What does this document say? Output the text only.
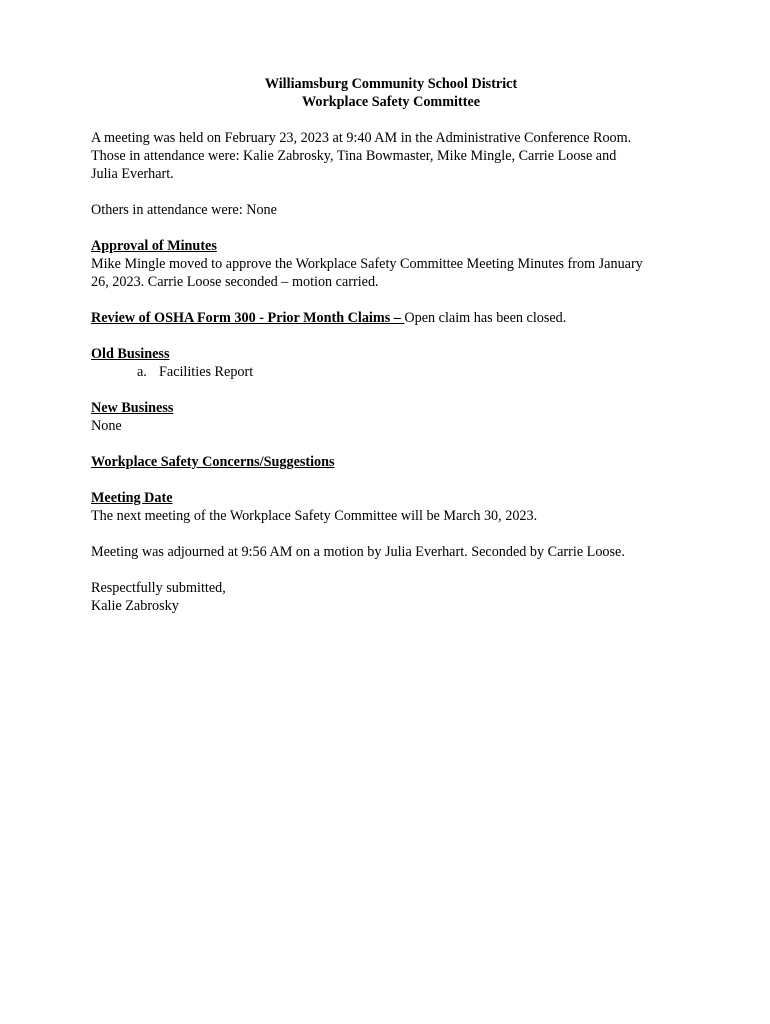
Williamsburg Community School District
Workplace Safety Committee

A meeting was held on February 23, 2023 at 9:40 AM in the Administrative Conference Room.
Those in attendance were: Kalie Zabrosky, Tina Bowmaster, Mike Mingle, Carrie Loose and
Julia Everhart.

Others in attendance were: None

Approval of Minutes
Mike Mingle moved to approve the Workplace Safety Committee Meeting Minutes from January
26, 2023. Carrie Loose seconded – motion carried.

Review of OSHA Form 300 - Prior Month Claims – Open claim has been closed.

Old Business

a. Facilities Report

New Business
None

Workplace Safety Concerns/Suggestions

Meeting Date
The next meeting of the Workplace Safety Committee will be March 30, 2023.

Meeting was adjourned at 9:56 AM on a motion by Julia Everhart. Seconded by Carrie Loose.

Respectfully submitted,
Kalie Zabrosky
